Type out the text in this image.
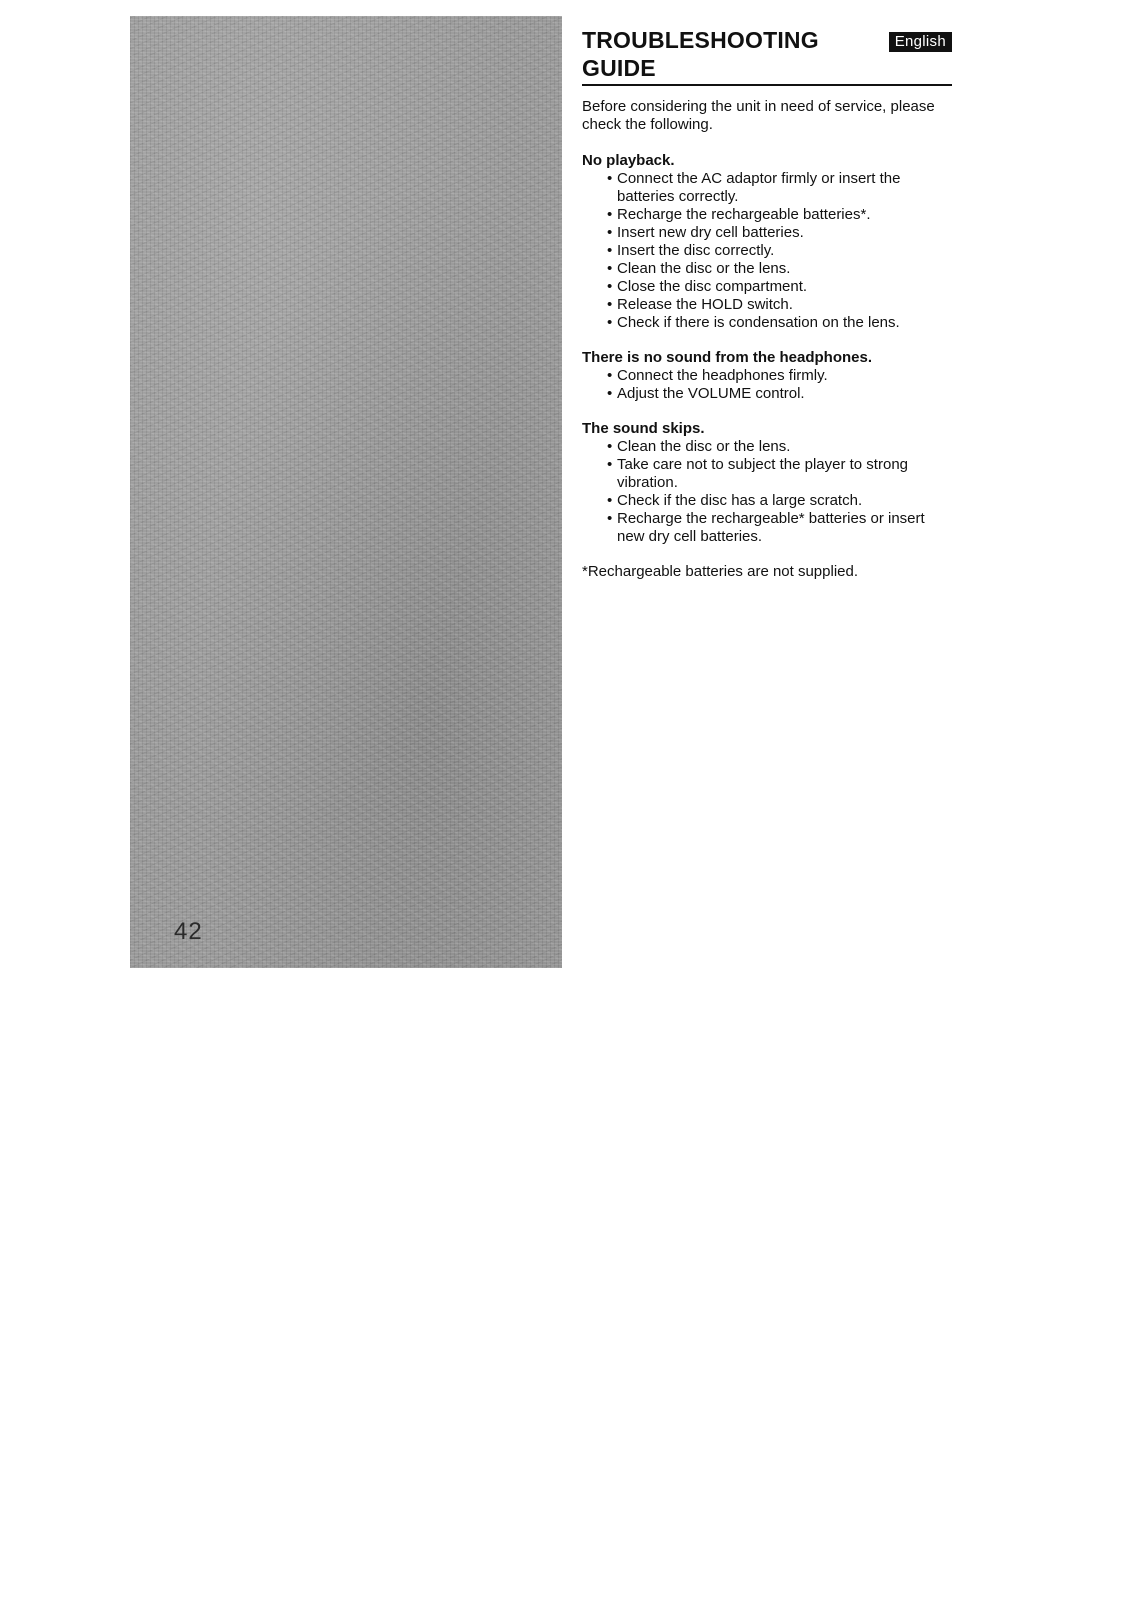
42
TROUBLESHOOTING
GUIDE
English
Before considering the unit in need of service, please check the following.
No playback.
• Connect the AC adaptor firmly or insert the batteries correctly.
• Recharge the rechargeable batteries*.
• Insert new dry cell batteries.
• Insert the disc correctly.
• Clean the disc or the lens.
• Close the disc compartment.
• Release the HOLD switch.
• Check if there is condensation on the lens.
There is no sound from the headphones.
• Connect the headphones firmly.
• Adjust the VOLUME control.
The sound skips.
• Clean the disc or the lens.
• Take care not to subject the player to strong vibration.
• Check if the disc has a large scratch.
• Recharge the rechargeable* batteries or insert new dry cell batteries.
*Rechargeable batteries are not supplied.
